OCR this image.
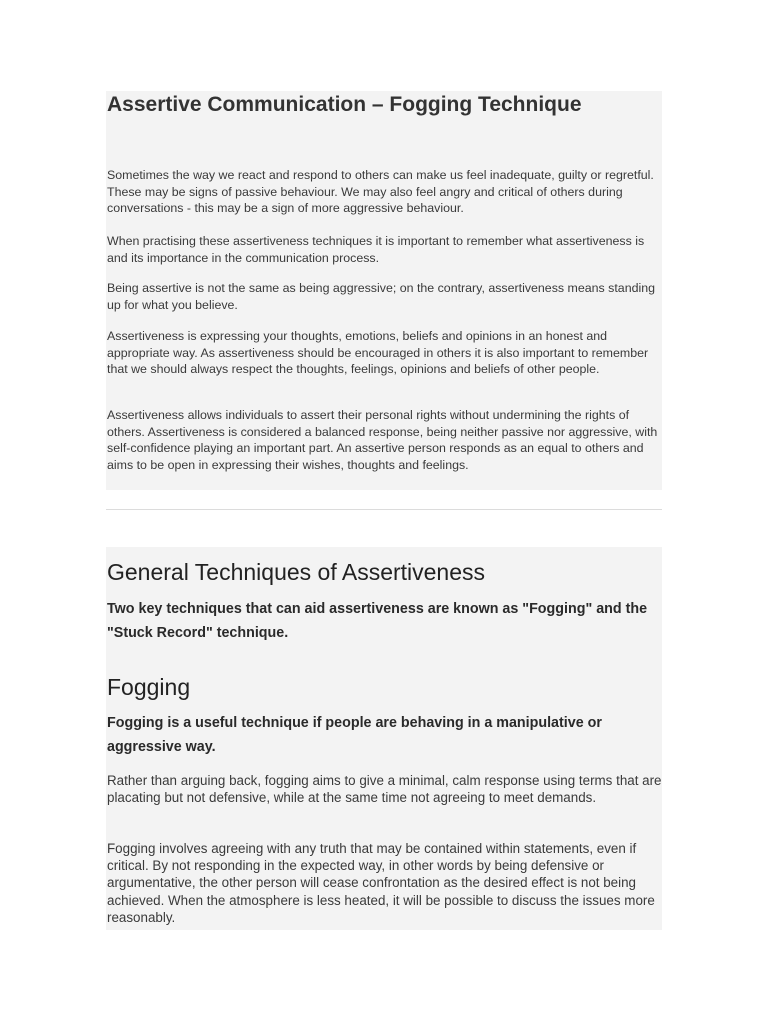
Assertive Communication – Fogging Technique

Sometimes the way we react and respond to others can make us feel inadequate, guilty or regretful. These may be signs of passive behaviour. We may also feel angry and critical of others during conversations - this may be a sign of more aggressive behaviour.

When practising these assertiveness techniques it is important to remember what assertiveness is and its importance in the communication process.

Being assertive is not the same as being aggressive; on the contrary, assertiveness means standing up for what you believe.

Assertiveness is expressing your thoughts, emotions, beliefs and opinions in an honest and appropriate way. As assertiveness should be encouraged in others it is also important to remember that we should always respect the thoughts, feelings, opinions and beliefs of other people.

Assertiveness allows individuals to assert their personal rights without undermining the rights of others. Assertiveness is considered a balanced response, being neither passive nor aggressive, with self-confidence playing an important part. An assertive person responds as an equal to others and aims to be open in expressing their wishes, thoughts and feelings.

General Techniques of Assertiveness

Two key techniques that can aid assertiveness are known as "Fogging" and the "Stuck Record" technique.

Fogging

Fogging is a useful technique if people are behaving in a manipulative or aggressive way.

Rather than arguing back, fogging aims to give a minimal, calm response using terms that are placating but not defensive, while at the same time not agreeing to meet demands.

Fogging involves agreeing with any truth that may be contained within statements, even if critical. By not responding in the expected way, in other words by being defensive or argumentative, the other person will cease confrontation as the desired effect is not being achieved. When the atmosphere is less heated, it will be possible to discuss the issues more reasonably.
